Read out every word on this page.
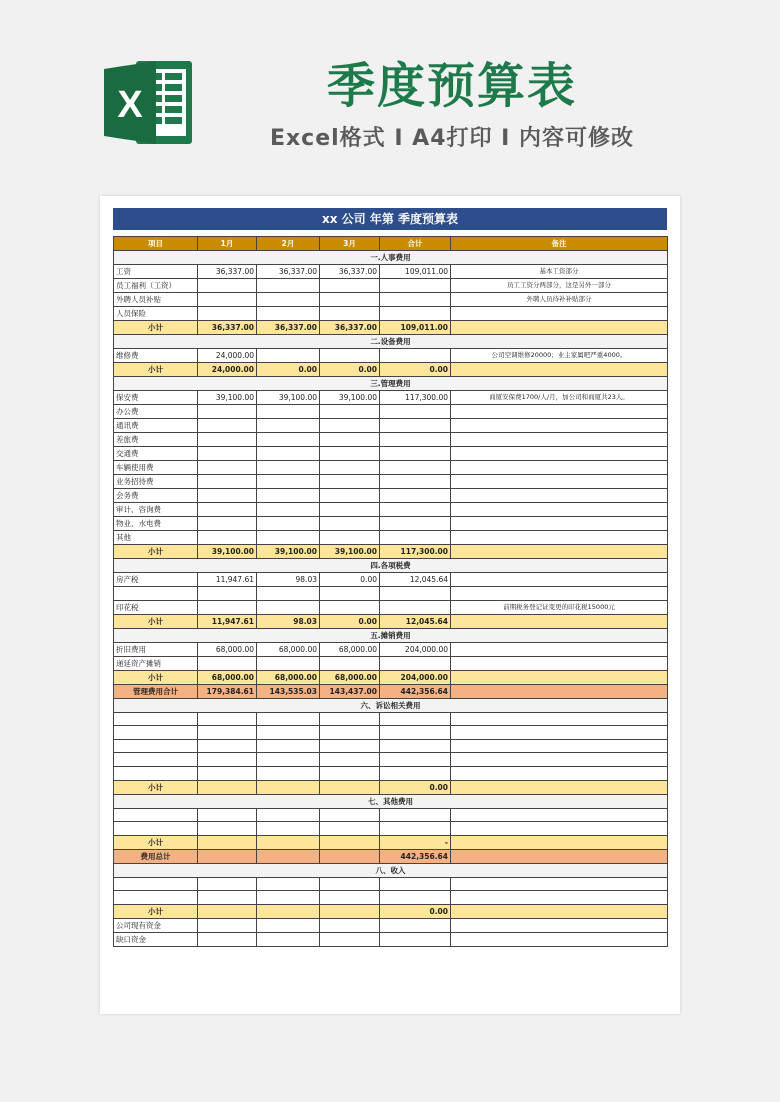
X	季度预算表
Excel格式 I A4打印 I 内容可修改
xx 公司 年第 季度预算表
项目	1月	2月	3月	合计	备注
一.人事费用					
工资	36,337.00	36,337.00	36,337.00	109,011.00	基本工资部分
员工福利（工资）					员工工资分两部分，这是另外一部分
外聘人员补贴					外聘人员待补补贴部分
人员保险					
小计	36,337.00	36,337.00	36,337.00	109,011.00	
二.设备费用					
维修费	24,000.00				公司空调维修20000；业主家属吧严重4000。
小计	24,000.00	0.00	0.00	0.00	
三.管理费用					
保安费	39,100.00	39,100.00	39,100.00	117,300.00	商厦安保费1700/人/月，加公司和商厦共23人。
办公费					
通讯费					
差旅费					
交通费					
车辆使用费					
业务招待费					
会务费					
审计、咨询费					
物业、水电费					
其他					
小计	39,100.00	39,100.00	39,100.00	117,300.00	
四.各项税费					
房产税	11,947.61	98.03	0.00	12,045.64	

印花税					前期税务登记证变更的印花税15000元
小计	11,947.61	98.03	0.00	12,045.64	
五.摊销费用					
折旧费用	68,000.00	68,000.00	68,000.00	204,000.00	
递延资产摊销					
小计	68,000.00	68,000.00	68,000.00	204,000.00	
管理费用合计	179,384.61	143,535.03	143,437.00	442,356.64	
六、诉讼相关费用					

小计				0.00	
七、其他费用					

小计				-	
费用总计				442,356.64	
八、收入					

小计				0.00	
公司现有资金					
缺口资金					
